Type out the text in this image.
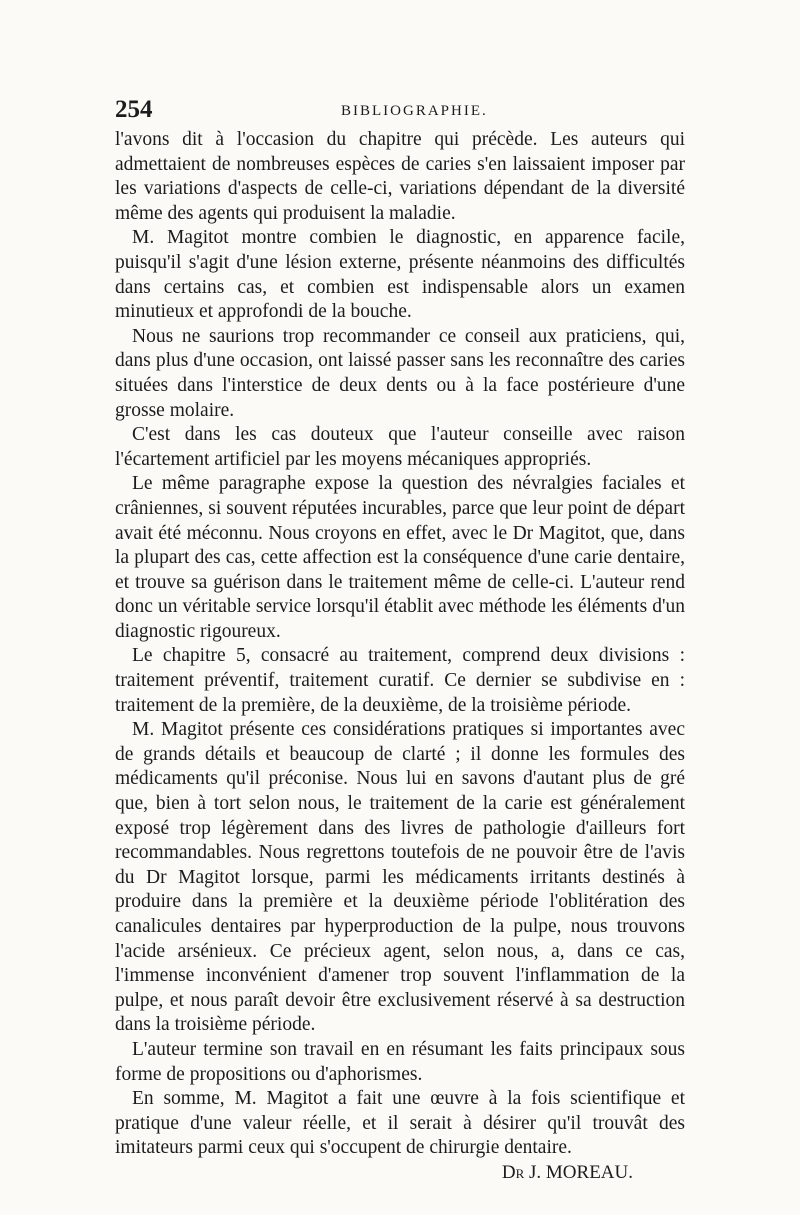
254	BIBLIOGRAPHIE.

l'avons dit à l'occasion du chapitre qui précède. Les auteurs qui admettaient de nombreuses espèces de caries s'en laissaient imposer par les variations d'aspects de celle-ci, variations dépendant de la diversité même des agents qui produisent la maladie.

M. Magitot montre combien le diagnostic, en apparence facile, puisqu'il s'agit d'une lésion externe, présente néanmoins des difficultés dans certains cas, et combien est indispensable alors un examen minutieux et approfondi de la bouche.

Nous ne saurions trop recommander ce conseil aux praticiens, qui, dans plus d'une occasion, ont laissé passer sans les reconnaître des caries situées dans l'interstice de deux dents ou à la face postérieure d'une grosse molaire.

C'est dans les cas douteux que l'auteur conseille avec raison l'écartement artificiel par les moyens mécaniques appropriés.

Le même paragraphe expose la question des névralgies faciales et crâniennes, si souvent réputées incurables, parce que leur point de départ avait été méconnu. Nous croyons en effet, avec le Dr Magitot, que, dans la plupart des cas, cette affection est la conséquence d'une carie dentaire, et trouve sa guérison dans le traitement même de celle-ci. L'auteur rend donc un véritable service lorsqu'il établit avec méthode les éléments d'un diagnostic rigoureux.

Le chapitre 5, consacré au traitement, comprend deux divisions : traitement préventif, traitement curatif. Ce dernier se subdivise en : traitement de la première, de la deuxième, de la troisième période.

M. Magitot présente ces considérations pratiques si importantes avec de grands détails et beaucoup de clarté ; il donne les formules des médicaments qu'il préconise. Nous lui en savons d'autant plus de gré que, bien à tort selon nous, le traitement de la carie est généralement exposé trop légèrement dans des livres de pathologie d'ailleurs fort recommandables. Nous regrettons toutefois de ne pouvoir être de l'avis du Dr Magitot lorsque, parmi les médicaments irritants destinés à produire dans la première et la deuxième période l'oblitération des canalicules dentaires par hyperproduction de la pulpe, nous trouvons l'acide arsénieux. Ce précieux agent, selon nous, a, dans ce cas, l'immense inconvénient d'amener trop souvent l'inflammation de la pulpe, et nous paraît devoir être exclusivement réservé à sa destruction dans la troisième période.

L'auteur termine son travail en en résumant les faits principaux sous forme de propositions ou d'aphorismes.

En somme, M. Magitot a fait une œuvre à la fois scientifique et pratique d'une valeur réelle, et il serait à désirer qu'il trouvât des imitateurs parmi ceux qui s'occupent de chirurgie dentaire.

Dr J. MOREAU.
